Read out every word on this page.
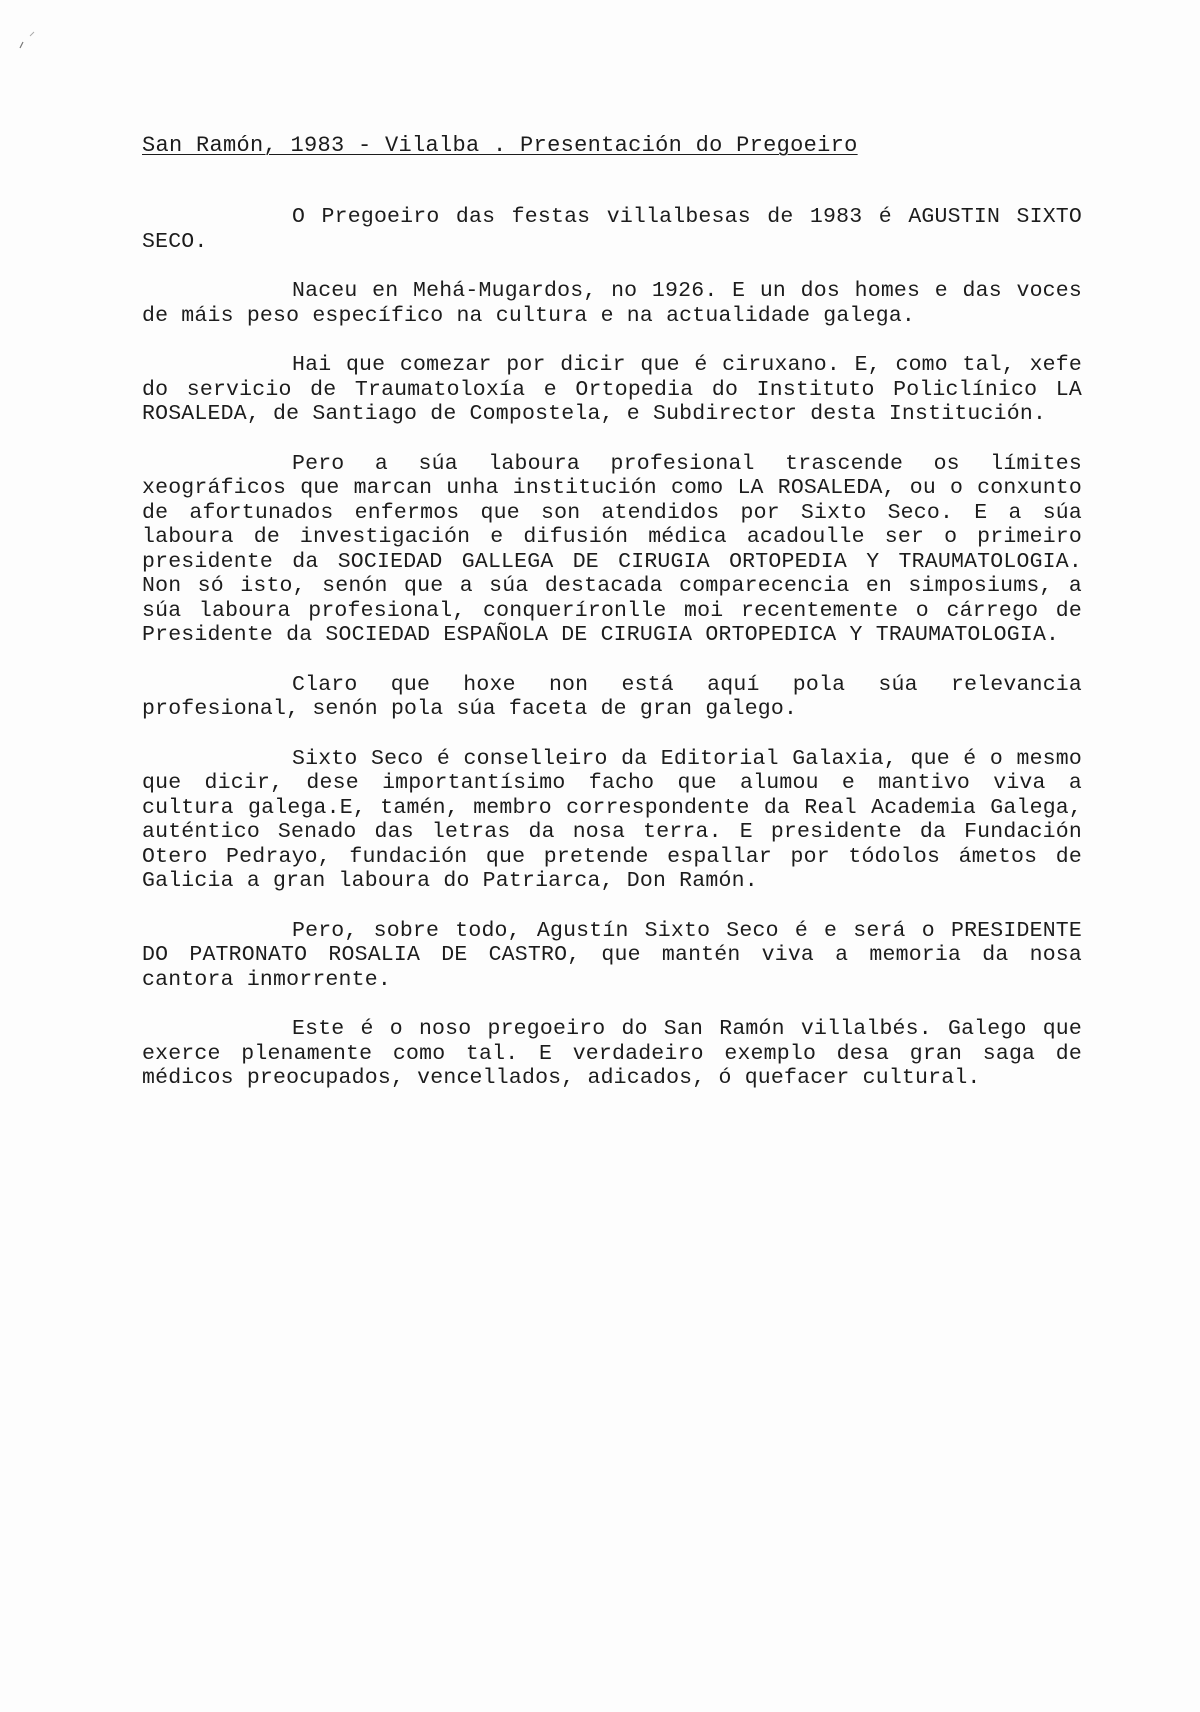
San Ramón, 1983 - Vilalba . Presentación do Pregoeiro

O Pregoeiro das festas villalbesas de 1983 é AGUSTIN SIXTO SECO.

Naceu en Mehá-Mugardos, no 1926. E un dos homes e das voces de máis peso específico na cultura e na actualidade galega.

Hai que comezar por dicir que é ciruxano. E, como tal, xefe do servicio de Traumatoloxía e Ortopedia do Instituto Policlínico LA ROSALEDA, de Santiago de Compostela, e Subdirector desta Institución.

Pero a súa laboura profesional trascende os límites xeográficos que marcan unha institución como LA ROSALEDA, ou o conxunto de afortunados enfermos que son atendidos por Sixto Seco. E a súa laboura de investigación e difusión médica acadoulle ser o primeiro presidente da SOCIEDAD GALLEGA DE CIRUGIA ORTOPEDIA Y TRAUMATOLOGIA. Non só isto, senón que a súa destacada comparecencia en simposiums, a súa laboura profesional, conqueríronlle moi recentemente o cárrego de Presidente da SOCIEDAD ESPAÑOLA DE CIRUGIA ORTOPEDICA Y TRAUMATOLOGIA.

Claro que hoxe non está aquí pola súa relevancia profesional, senón pola súa faceta de gran galego.

Sixto Seco é conselleiro da Editorial Galaxia, que é o mesmo que dicir, dese importantísimo facho que alumou e mantivo viva a cultura galega.E, tamén, membro correspondente da Real Academia Galega, auténtico Senado das letras da nosa terra. E presidente da Fundación Otero Pedrayo, fundación que pretende espallar por tódolos ámetos de Galicia a gran laboura do Patriarca, Don Ramón.

Pero, sobre todo, Agustín Sixto Seco é e será o PRESIDENTE DO PATRONATO ROSALIA DE CASTRO, que mantén viva a memoria da nosa cantora inmorrente.

Este é o noso pregoeiro do San Ramón villalbés. Galego que exerce plenamente como tal. E verdadeiro exemplo desa gran saga de médicos preocupados, vencellados, adicados, ó quefacer cultural.
